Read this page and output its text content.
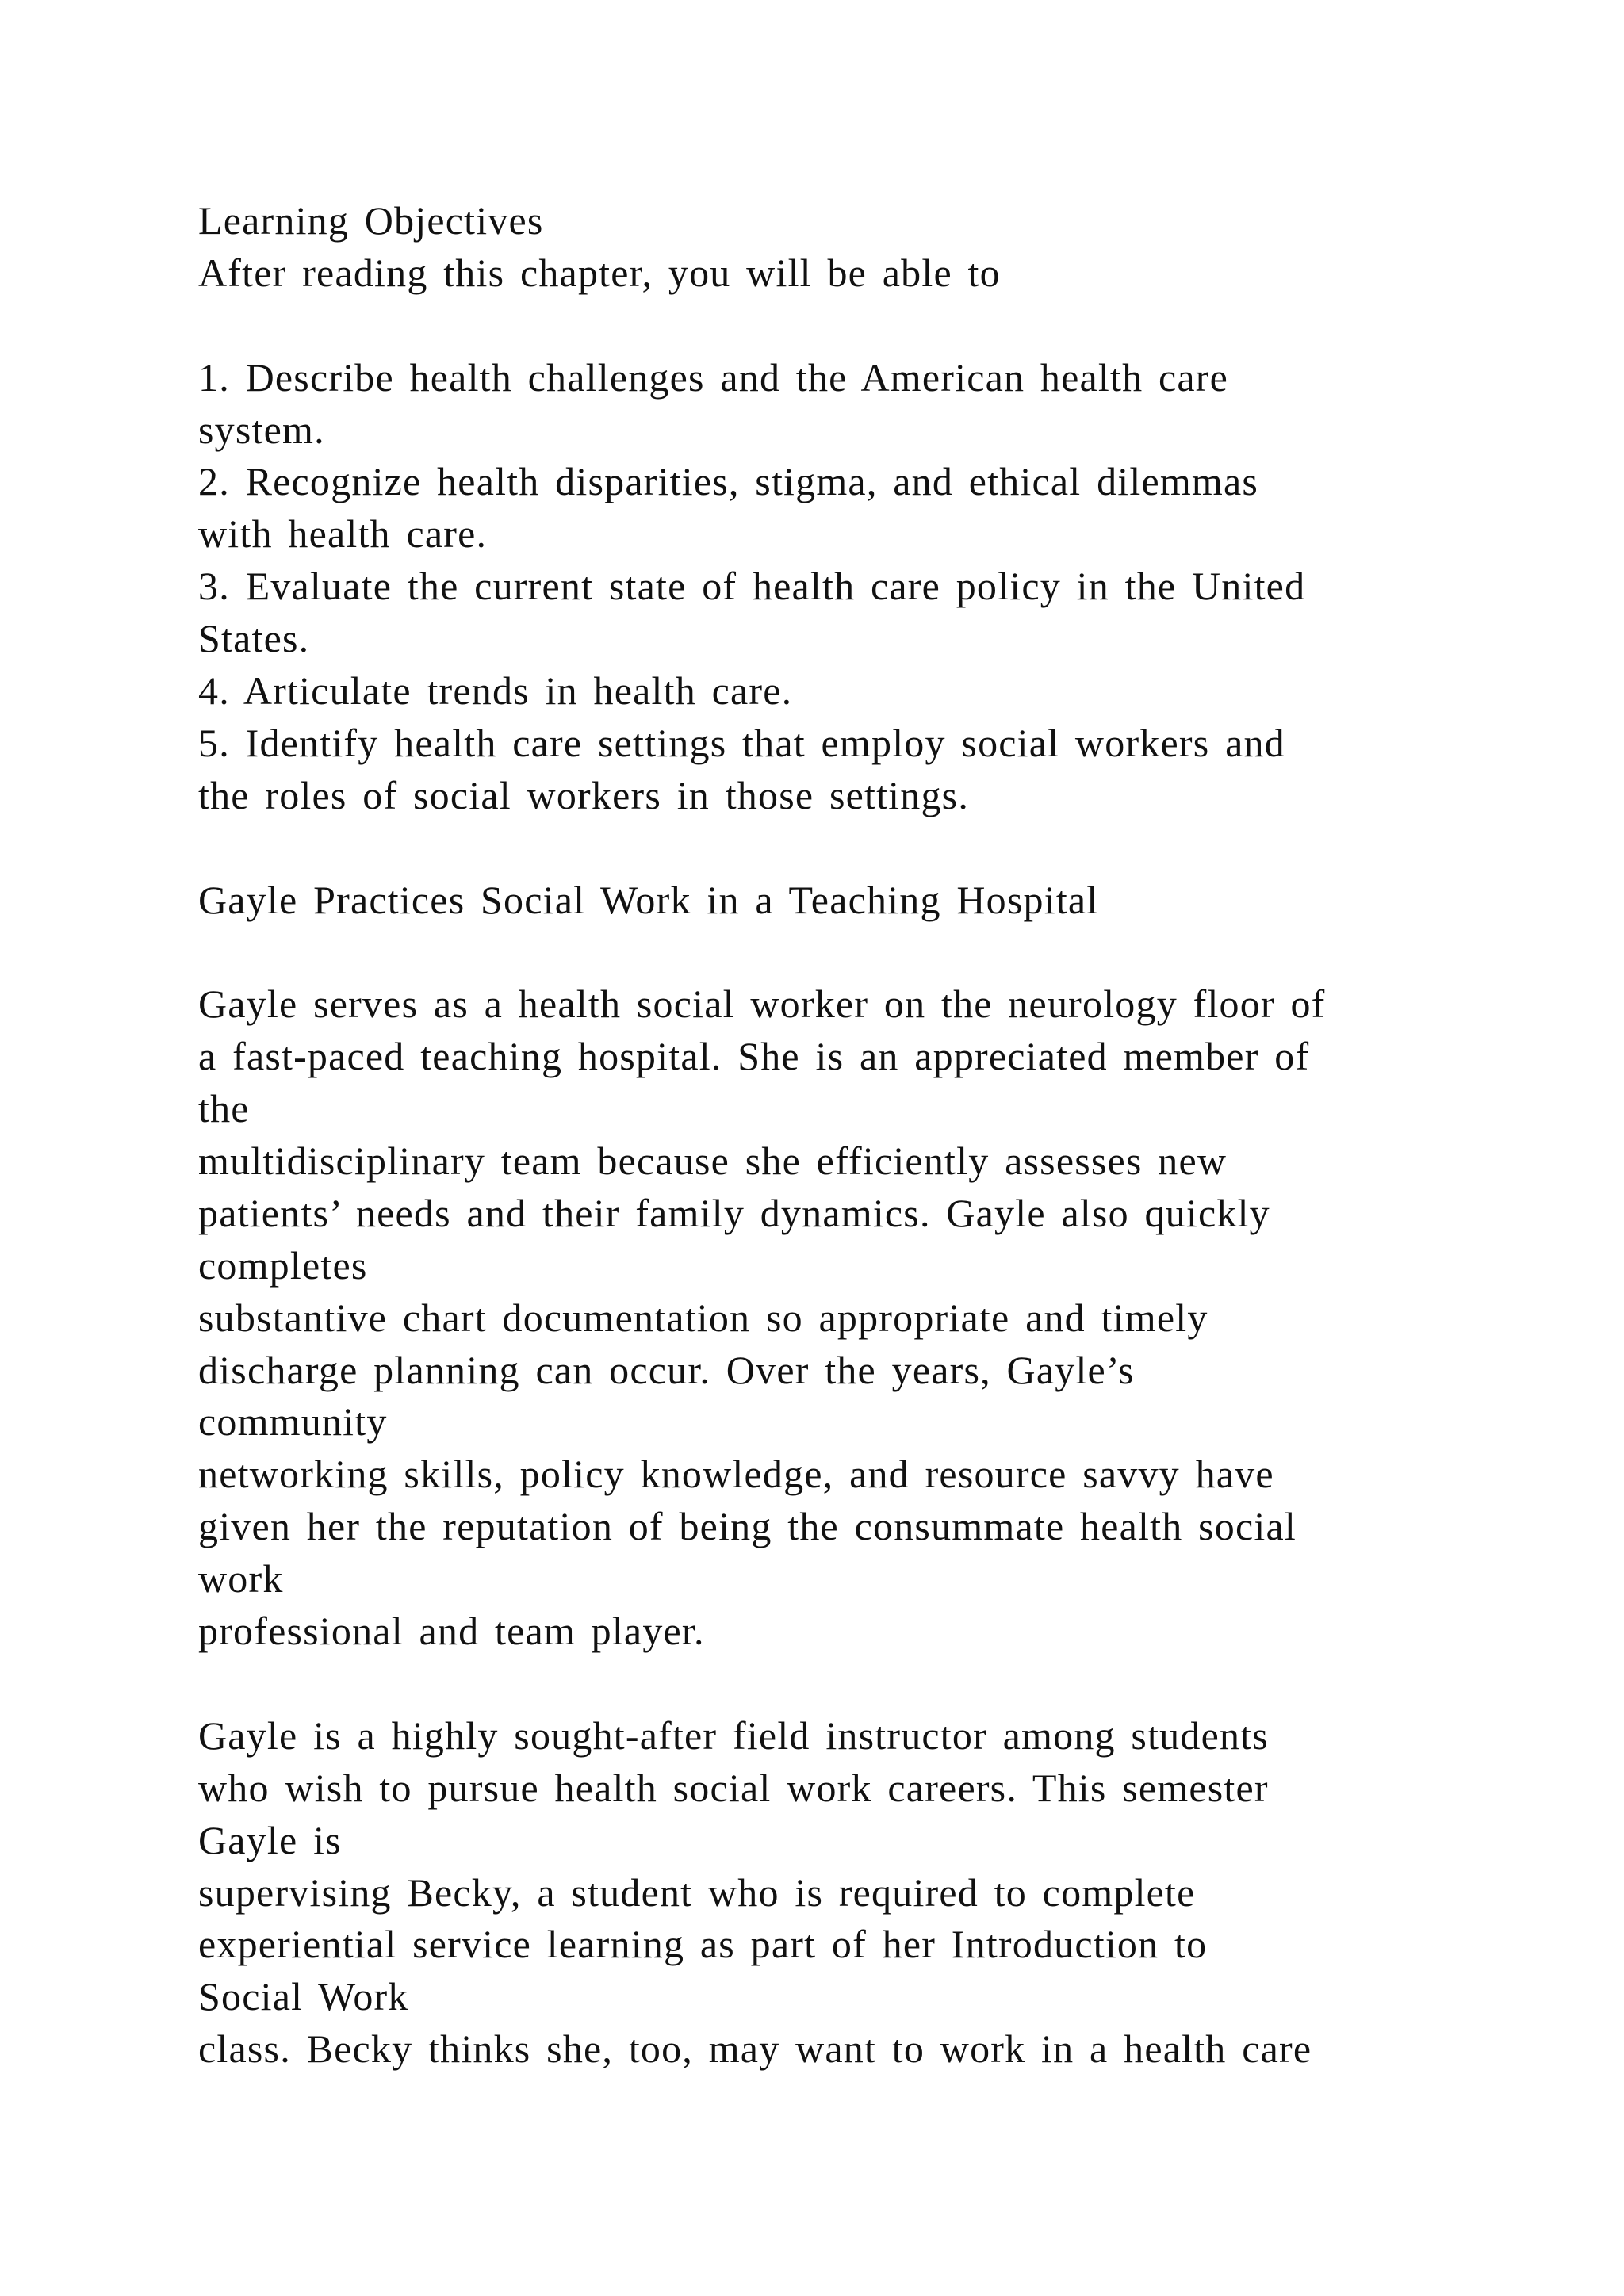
Learning Objectives
After reading this chapter, you will be able to
1. Describe health challenges and the American health care
system.
2. Recognize health disparities, stigma, and ethical dilemmas
with health care.
3. Evaluate the current state of health care policy in the United
States.
4. Articulate trends in health care.
5. Identify health care settings that employ social workers and
the roles of social workers in those settings.
Gayle Practices Social Work in a Teaching Hospital
Gayle serves as a health social worker on the neurology floor of
a fast-paced teaching hospital. She is an appreciated member of
the
multidisciplinary team because she efficiently assesses new
patients’ needs and their family dynamics. Gayle also quickly
completes
substantive chart documentation so appropriate and timely
discharge planning can occur. Over the years, Gayle’s
community
networking skills, policy knowledge, and resource savvy have
given her the reputation of being the consummate health social
work
professional and team player.
Gayle is a highly sought-after field instructor among students
who wish to pursue health social work careers. This semester
Gayle is
supervising Becky, a student who is required to complete
experiential service learning as part of her Introduction to
Social Work
class. Becky thinks she, too, may want to work in a health care
